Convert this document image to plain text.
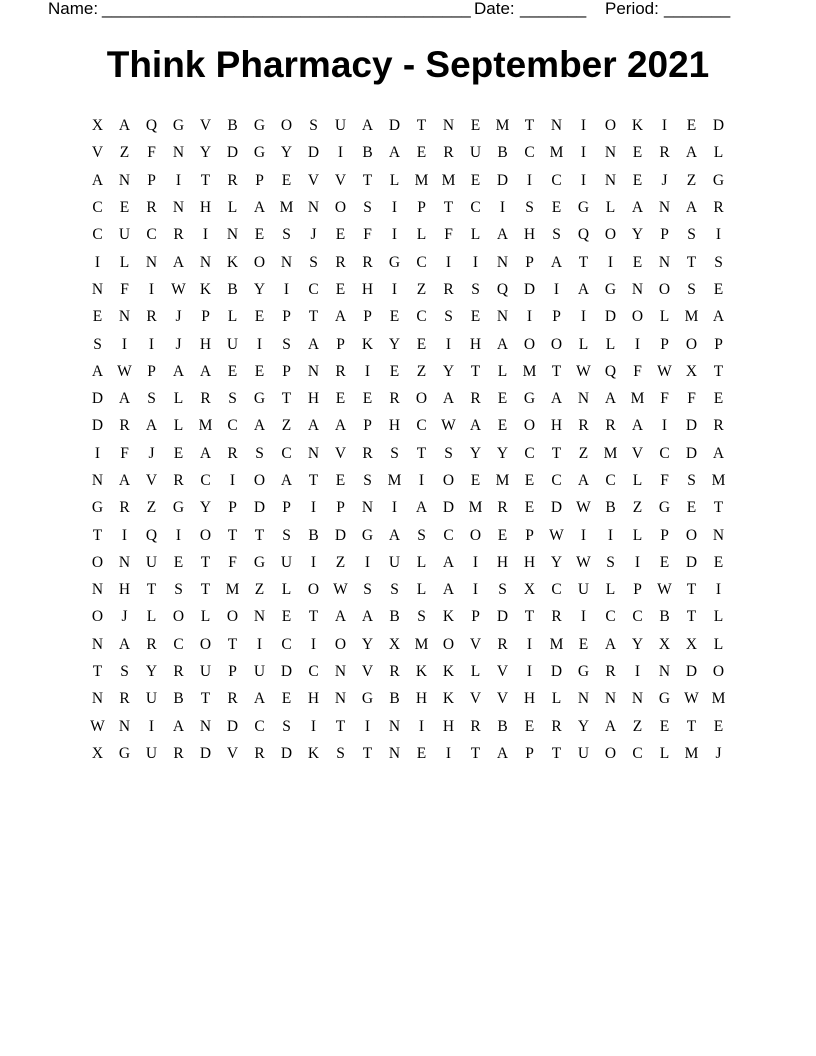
Name:

_______________________________________

Date:

_______

Period:

_______

Think Pharmacy - September 2021
X	A	Q	G	V	B	G	O	S	U	A	D	T	N	E M T	N	I	O	K	I	E	D
V	Z	F	N	Y	D	G	Y	D	I	B	A	E	R	U	B	C M	I	N	E	R	A	L
A	N	P	I	T	R	P	E	V	V	T	L M M E	D	I	C	I	N	E	J	Z	G
C	E	R	N	H	L	A M N	O	S	I	P	T	C	I	S	E	G	L	A	N	A	R
C	U	C	R	I	N	E	S	J	E	F	I	L	F	L	A	H	S	Q	O	Y	P	S	I
I	L	N	A	N	K	O	N	S	R	R	G	C	I	I	N	P	A	T	I	E	N	T	S
N	F	I	W K	B	Y	I	C	E	H	I	Z	R	S	Q	D	I	A	G	N	O	S	E
E	N	R	J	P	L	E	P	T	A	P	E	C	S	E	N	I	P	I	D	O	L M A
S	I	I	J	H	U	I	S	A	P	K	Y	E	I	H	A	O	O	L	L	I	P	O	P
A W P	A	A	E	E	P	N	R	I	E	Z	Y	T	L M T W Q	F W X	T
D	A	S	L	R	S	G	T	H	E	E	R	O	A	R	E	G	A	N	A M	F	F	E
D	R	A	L M C	A	Z	A	A	P	H	C W A	E	O	H	R	R	A	I	D	R
I	F	J	E	A	R	S	C	N	V	R	S	T	S	Y	Y	C	T	Z M V	C	D	A
N	A	V	R	C	I	O	A	T	E	S	M	I	O	E M E	C	A	C	L	F	S	M
G	R	Z	G	Y	P	D	P	I	P	N	I	A	D M R	E	D W B	Z	G	E	T
T	I	Q	I	O	T	T	S	B	D	G	A	S	C	O	E	P W	I	I	L	P	O	N
O	N	U	E	T	F	G	U	I	Z	I	U	L	A	I	H	H	Y W S	I	E	D	E
N	H	T	S	T M Z	L	O W S	S	L	A	I	S	X	C	U	L	P W T	I
O	J	L	O	L	O	N	E	T	A	A	B	S	K	P	D	T	R	I	C	C	B	T	L
N	A	R	C	O	T	I	C	I	O	Y	X M O	V	R	I	M E	A	Y	X	X	L
T	S	Y	R	U	P	U	D	C	N	V	R	K	K	L	V	I	D	G	R	I	N	D	O
N	R	U	B	T	R	A	E	H	N	G	B	H	K	V	V	H	L	N	N	N	G W M
W N	I	A	N	D	C	S	I	T	I	N	I	H	R	B	E	R	Y	A	Z	E	T	E
X	G	U	R	D	V	R	D	K	S	T	N	E	I	T	A	P	T	U	O	C	L M	J
